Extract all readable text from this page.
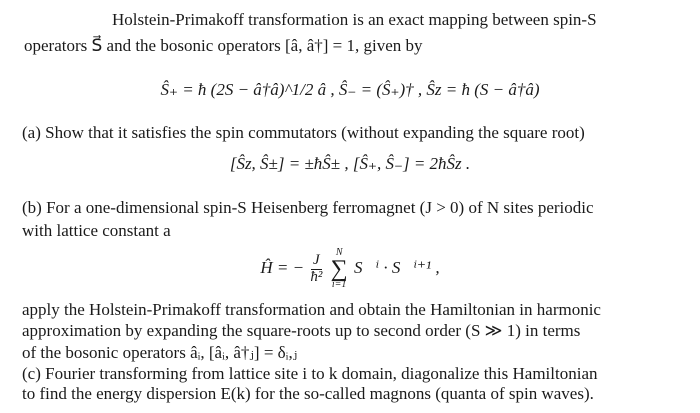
Holstein-Primakoff transformation is an exact mapping between spin-S
operators S⃗ and the bosonic operators [â, â†] = 1, given by
Ŝ₊ = ħ (2S − â†â)^1/2 â , Ŝ₋ = (Ŝ₊)† , Ŝz = ħ (S − â†â)
(a) Show that it satisfies the spin commutators (without expanding the square root)
[Ŝz, Ŝ±] = ±ħŜ± , [Ŝ₊, Ŝ₋] = 2ħŜz .
(b) For a one-dimensional spin-S Heisenberg ferromagnet (J > 0) of N sites periodic
with lattice constant a
Ĥ = − $\frac{J}{\text{ħ²}}$

N
∑
i=1
S⃗ⁱ · S⃗ⁱ⁺¹ ,
apply the Holstein-Primakoff transformation and obtain the Hamiltonian in harmonic
approximation by expanding the square-roots up to second order (S ≫ 1) in terms
of the bosonic operators âᵢ, [âᵢ, â†ⱼ] = δᵢ,ⱼ
(c) Fourier transforming from lattice site i to k domain, diagonalize this Hamiltonian
to find the energy dispersion E(k) for the so-called magnons (quanta of spin waves).
